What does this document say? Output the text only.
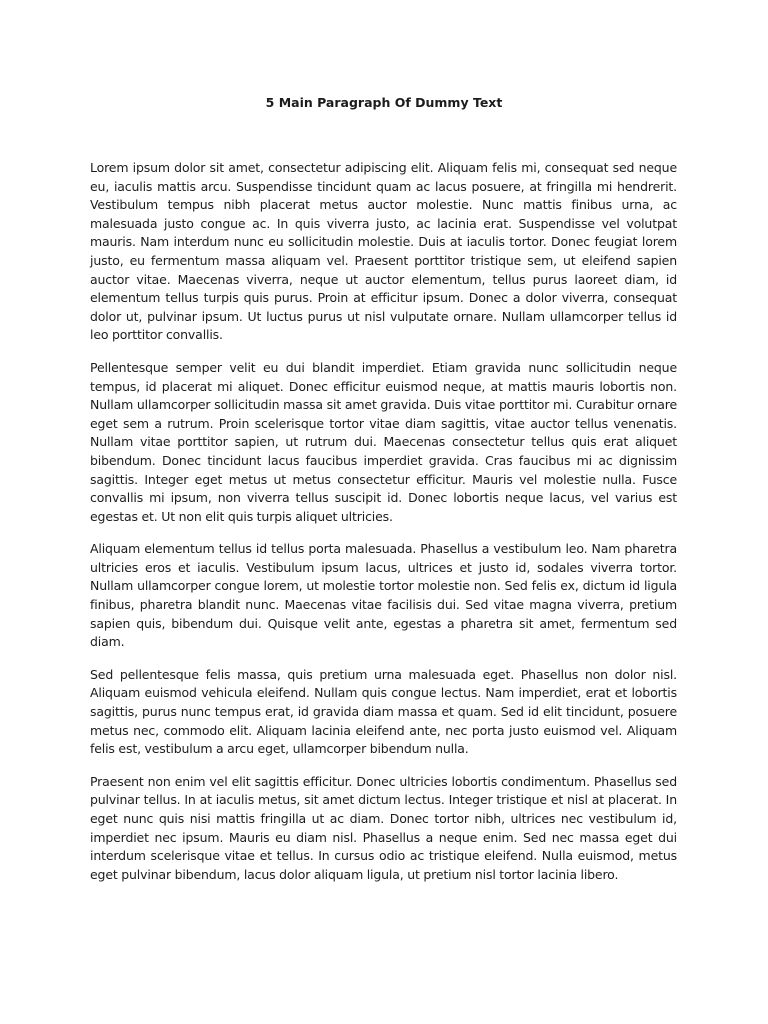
5 Main Paragraph Of Dummy Text

Lorem ipsum dolor sit amet, consectetur adipiscing elit. Aliquam felis mi, consequat sed neque eu, iaculis mattis arcu. Suspendisse tincidunt quam ac lacus posuere, at fringilla mi hendrerit. Vestibulum tempus nibh placerat metus auctor molestie. Nunc mattis finibus urna, ac malesuada justo congue ac. In quis viverra justo, ac lacinia erat. Suspendisse vel volutpat mauris. Nam interdum nunc eu sollicitudin molestie. Duis at iaculis tortor. Donec feugiat lorem justo, eu fermentum massa aliquam vel. Praesent porttitor tristique sem, ut eleifend sapien auctor vitae. Maecenas viverra, neque ut auctor elementum, tellus purus laoreet diam, id elementum tellus turpis quis purus. Proin at efficitur ipsum. Donec a dolor viverra, consequat dolor ut, pulvinar ipsum. Ut luctus purus ut nisl vulputate ornare. Nullam ullamcorper tellus id leo porttitor convallis.

Pellentesque semper velit eu dui blandit imperdiet. Etiam gravida nunc sollicitudin neque tempus, id placerat mi aliquet. Donec efficitur euismod neque, at mattis mauris lobortis non. Nullam ullamcorper sollicitudin massa sit amet gravida. Duis vitae porttitor mi. Curabitur ornare eget sem a rutrum. Proin scelerisque tortor vitae diam sagittis, vitae auctor tellus venenatis. Nullam vitae porttitor sapien, ut rutrum dui. Maecenas consectetur tellus quis erat aliquet bibendum. Donec tincidunt lacus faucibus imperdiet gravida. Cras faucibus mi ac dignissim sagittis. Integer eget metus ut metus consectetur efficitur. Mauris vel molestie nulla. Fusce convallis mi ipsum, non viverra tellus suscipit id. Donec lobortis neque lacus, vel varius est egestas et. Ut non elit quis turpis aliquet ultricies.

Aliquam elementum tellus id tellus porta malesuada. Phasellus a vestibulum leo. Nam pharetra ultricies eros et iaculis. Vestibulum ipsum lacus, ultrices et justo id, sodales viverra tortor. Nullam ullamcorper congue lorem, ut molestie tortor molestie non. Sed felis ex, dictum id ligula finibus, pharetra blandit nunc. Maecenas vitae facilisis dui. Sed vitae magna viverra, pretium sapien quis, bibendum dui. Quisque velit ante, egestas a pharetra sit amet, fermentum sed diam.

Sed pellentesque felis massa, quis pretium urna malesuada eget. Phasellus non dolor nisl. Aliquam euismod vehicula eleifend. Nullam quis congue lectus. Nam imperdiet, erat et lobortis sagittis, purus nunc tempus erat, id gravida diam massa et quam. Sed id elit tincidunt, posuere metus nec, commodo elit. Aliquam lacinia eleifend ante, nec porta justo euismod vel. Aliquam felis est, vestibulum a arcu eget, ullamcorper bibendum nulla.

Praesent non enim vel elit sagittis efficitur. Donec ultricies lobortis condimentum. Phasellus sed pulvinar tellus. In at iaculis metus, sit amet dictum lectus. Integer tristique et nisl at placerat. In eget nunc quis nisi mattis fringilla ut ac diam. Donec tortor nibh, ultrices nec vestibulum id, imperdiet nec ipsum. Mauris eu diam nisl. Phasellus a neque enim. Sed nec massa eget dui interdum scelerisque vitae et tellus. In cursus odio ac tristique eleifend. Nulla euismod, metus eget pulvinar bibendum, lacus dolor aliquam ligula, ut pretium nisl tortor lacinia libero.
